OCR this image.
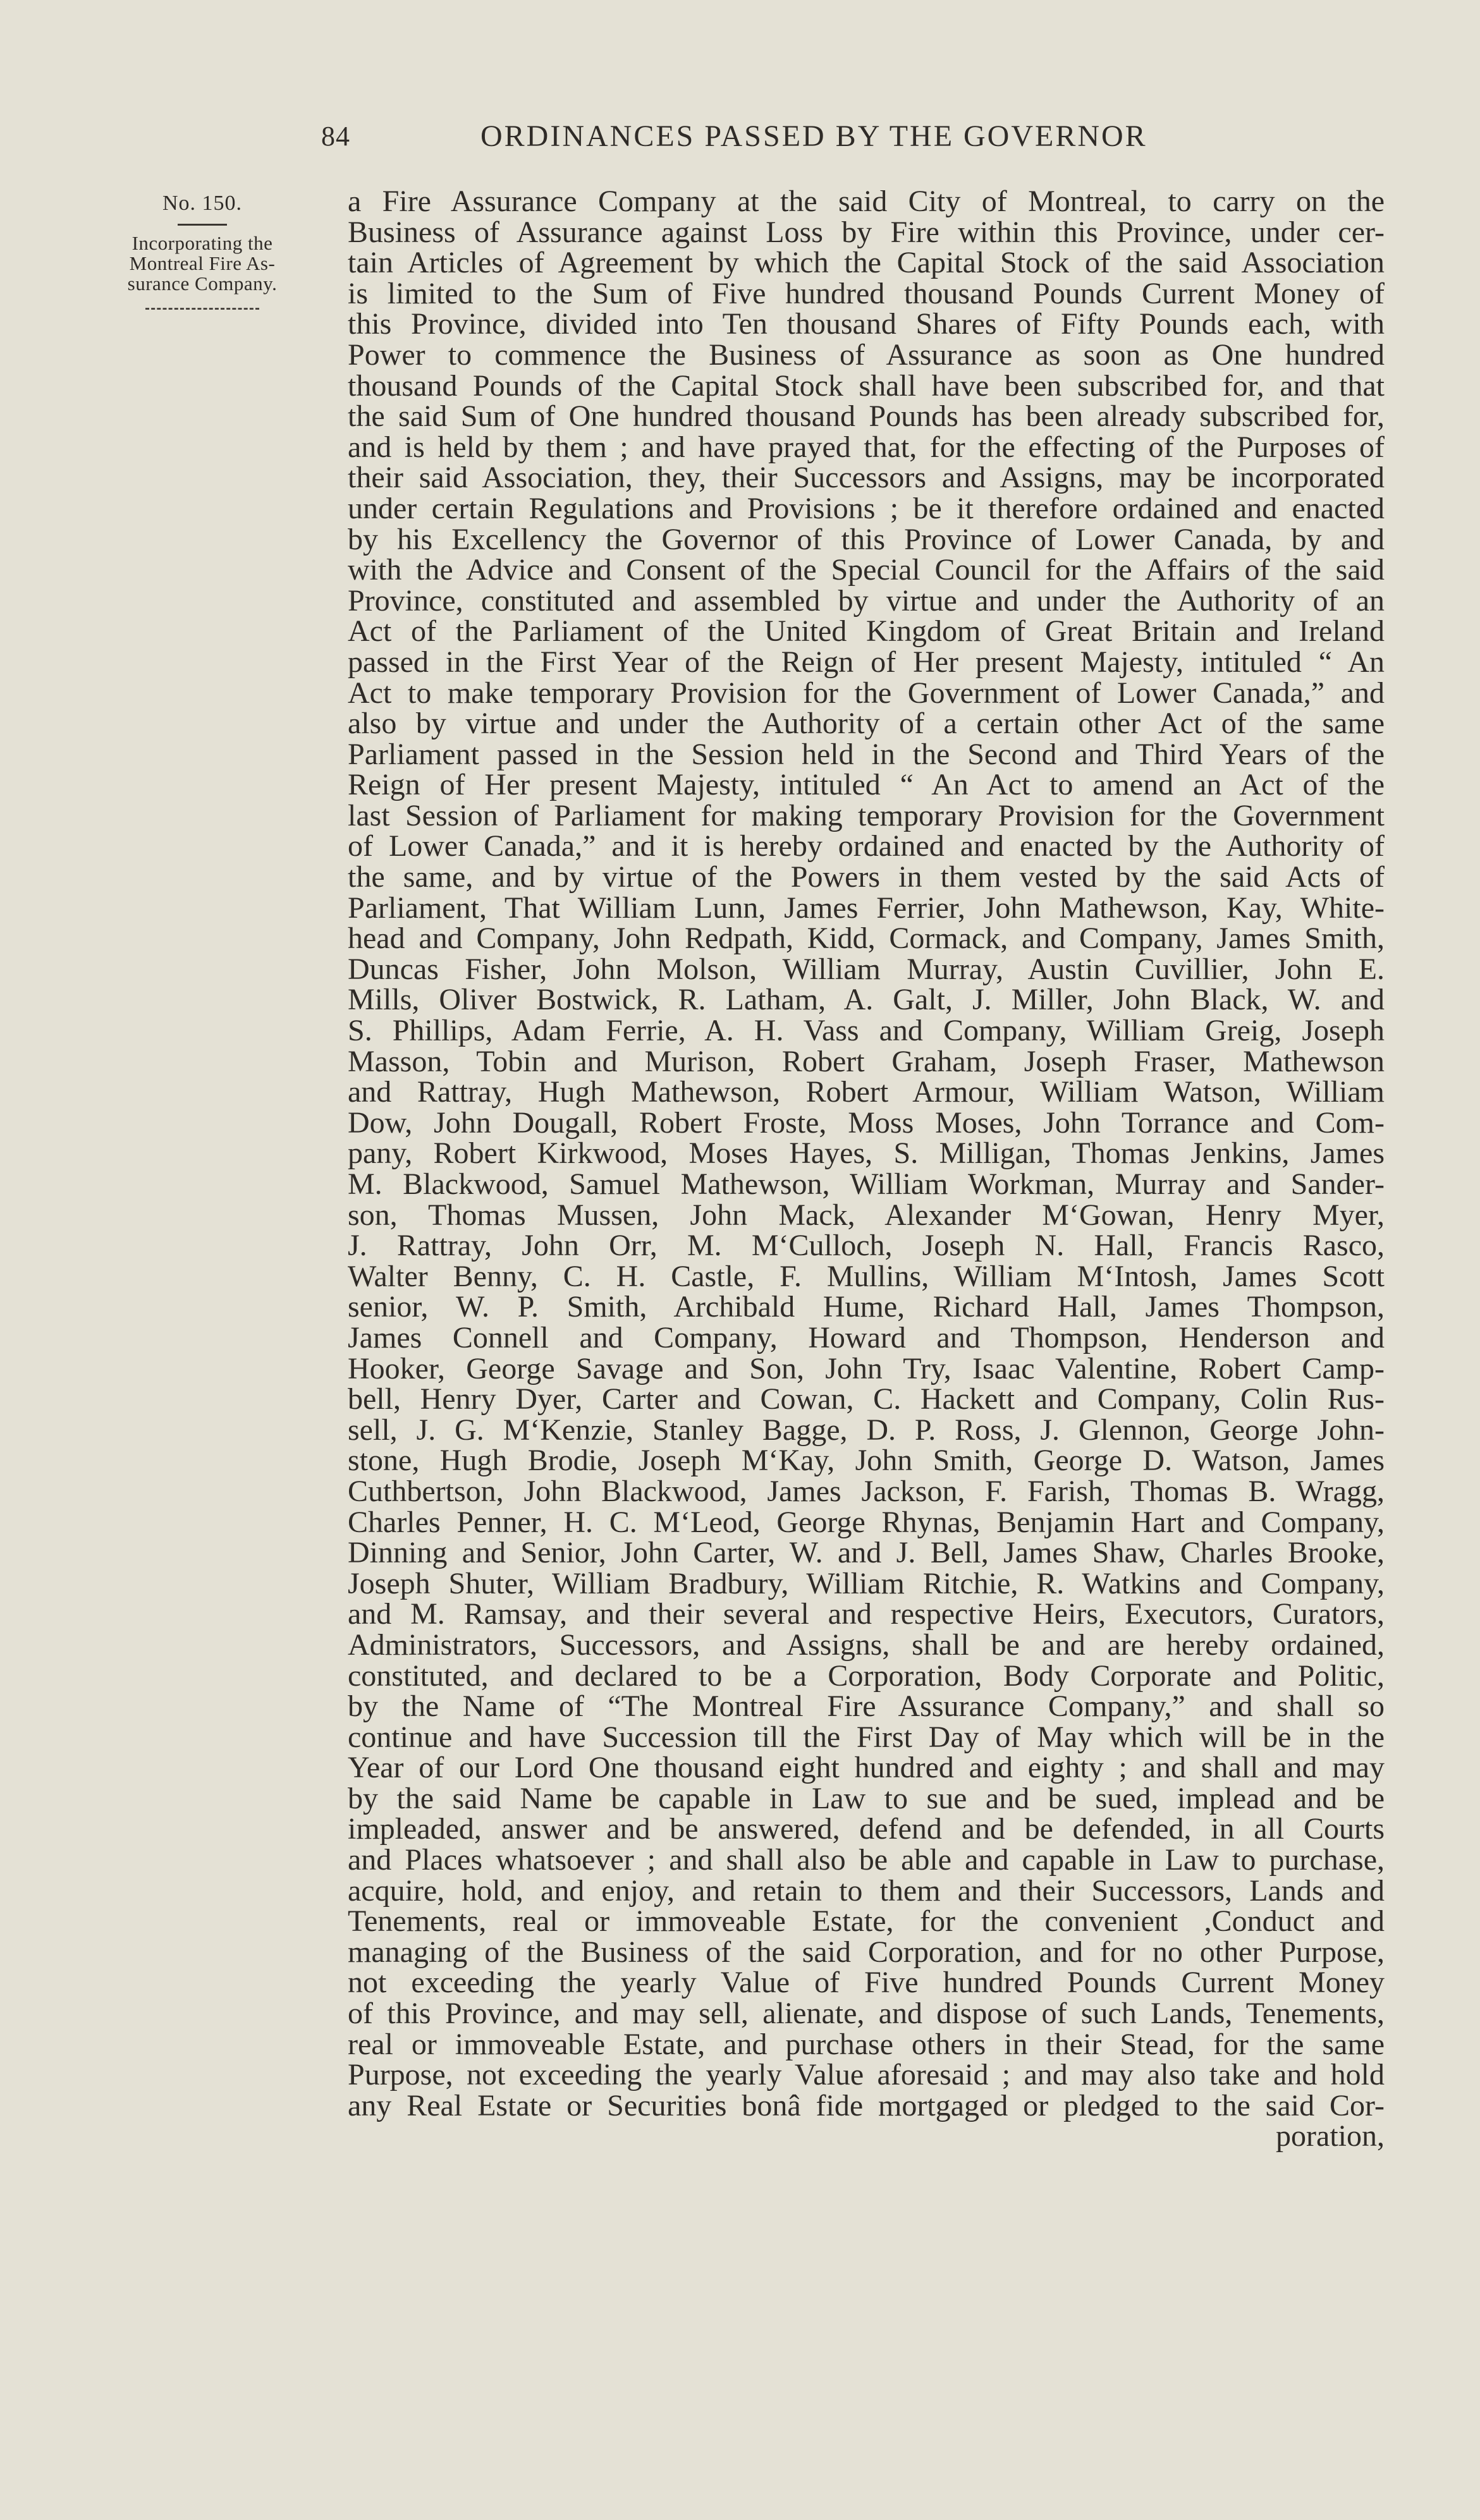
84	ORDINANCES PASSED BY THE GOVERNOR
No. 150.
Incorporating the
Montreal Fire As-
surance Company.
a Fire Assurance Company at the said City of Montreal, to carry on the
Business of Assurance against Loss by Fire within this Province, under cer-
tain Articles of Agreement by which the Capital Stock of the said Association
is limited to the Sum of Five hundred thousand Pounds Current Money of
this Province, divided into Ten thousand Shares of Fifty Pounds each, with
Power to commence the Business of Assurance as soon as One hundred
thousand Pounds of the Capital Stock shall have been subscribed for, and that
the said Sum of One hundred thousand Pounds has been already subscribed for,
and is held by them ; and have prayed that, for the effecting of the Purposes of
their said Association, they, their Successors and Assigns, may be incorporated
under certain Regulations and Provisions ; be it therefore ordained and enacted
by his Excellency the Governor of this Province of Lower Canada, by and
with the Advice and Consent of the Special Council for the Affairs of the said
Province, constituted and assembled by virtue and under the Authority of an
Act of the Parliament of the United Kingdom of Great Britain and Ireland
passed in the First Year of the Reign of Her present Majesty, intituled “ An
Act to make temporary Provision for the Government of Lower Canada,” and
also by virtue and under the Authority of a certain other Act of the same
Parliament passed in the Session held in the Second and Third Years of the
Reign of Her present Majesty, intituled “ An Act to amend an Act of the
last Session of Parliament for making temporary Provision for the Government
of Lower Canada,” and it is hereby ordained and enacted by the Authority of
the same, and by virtue of the Powers in them vested by the said Acts of
Parliament, That William Lunn, James Ferrier, John Mathewson, Kay, White-
head and Company, John Redpath, Kidd, Cormack, and Company, James Smith,
Duncas Fisher, John Molson, William Murray, Austin Cuvillier, John E.
Mills, Oliver Bostwick, R. Latham, A. Galt, J. Miller, John Black, W. and
S. Phillips, Adam Ferrie, A. H. Vass and Company, William Greig, Joseph
Masson, Tobin and Murison, Robert Graham, Joseph Fraser, Mathewson
and Rattray, Hugh Mathewson, Robert Armour, William Watson, William
Dow, John Dougall, Robert Froste, Moss Moses, John Torrance and Com-
pany, Robert Kirkwood, Moses Hayes, S. Milligan, Thomas Jenkins, James
M. Blackwood, Samuel Mathewson, William Workman, Murray and Sander-
son, Thomas Mussen, John Mack, Alexander M‘Gowan, Henry Myer,
J. Rattray, John Orr, M. M‘Culloch, Joseph N. Hall, Francis Rasco,
Walter Benny, C. H. Castle, F. Mullins, William M‘Intosh, James Scott
senior, W. P. Smith, Archibald Hume, Richard Hall, James Thompson,
James Connell and Company, Howard and Thompson, Henderson and
Hooker, George Savage and Son, John Try, Isaac Valentine, Robert Camp-
bell, Henry Dyer, Carter and Cowan, C. Hackett and Company, Colin Rus-
sell, J. G. M‘Kenzie, Stanley Bagge, D. P. Ross, J. Glennon, George John-
stone, Hugh Brodie, Joseph M‘Kay, John Smith, George D. Watson, James
Cuthbertson, John Blackwood, James Jackson, F. Farish, Thomas B. Wragg,
Charles Penner, H. C. M‘Leod, George Rhynas, Benjamin Hart and Company,
Dinning and Senior, John Carter, W. and J. Bell, James Shaw, Charles Brooke,
Joseph Shuter, William Bradbury, William Ritchie, R. Watkins and Company,
and M. Ramsay, and their several and respective Heirs, Executors, Curators,
Administrators, Successors, and Assigns, shall be and are hereby ordained,
constituted, and declared to be a Corporation, Body Corporate and Politic,
by the Name of “The Montreal Fire Assurance Company,” and shall so
continue and have Succession till the First Day of May which will be in the
Year of our Lord One thousand eight hundred and eighty ; and shall and may
by the said Name be capable in Law to sue and be sued, implead and be
impleaded, answer and be answered, defend and be defended, in all Courts
and Places whatsoever ; and shall also be able and capable in Law to purchase,
acquire, hold, and enjoy, and retain to them and their Successors, Lands and
Tenements, real or immoveable Estate, for the convenient ,Conduct and
managing of the Business of the said Corporation, and for no other Purpose,
not exceeding the yearly Value of Five hundred Pounds Current Money
of this Province, and may sell, alienate, and dispose of such Lands, Tenements,
real or immoveable Estate, and purchase others in their Stead, for the same
Purpose, not exceeding the yearly Value aforesaid ; and may also take and hold
any Real Estate or Securities bonâ fide mortgaged or pledged to the said Cor-
poration,
